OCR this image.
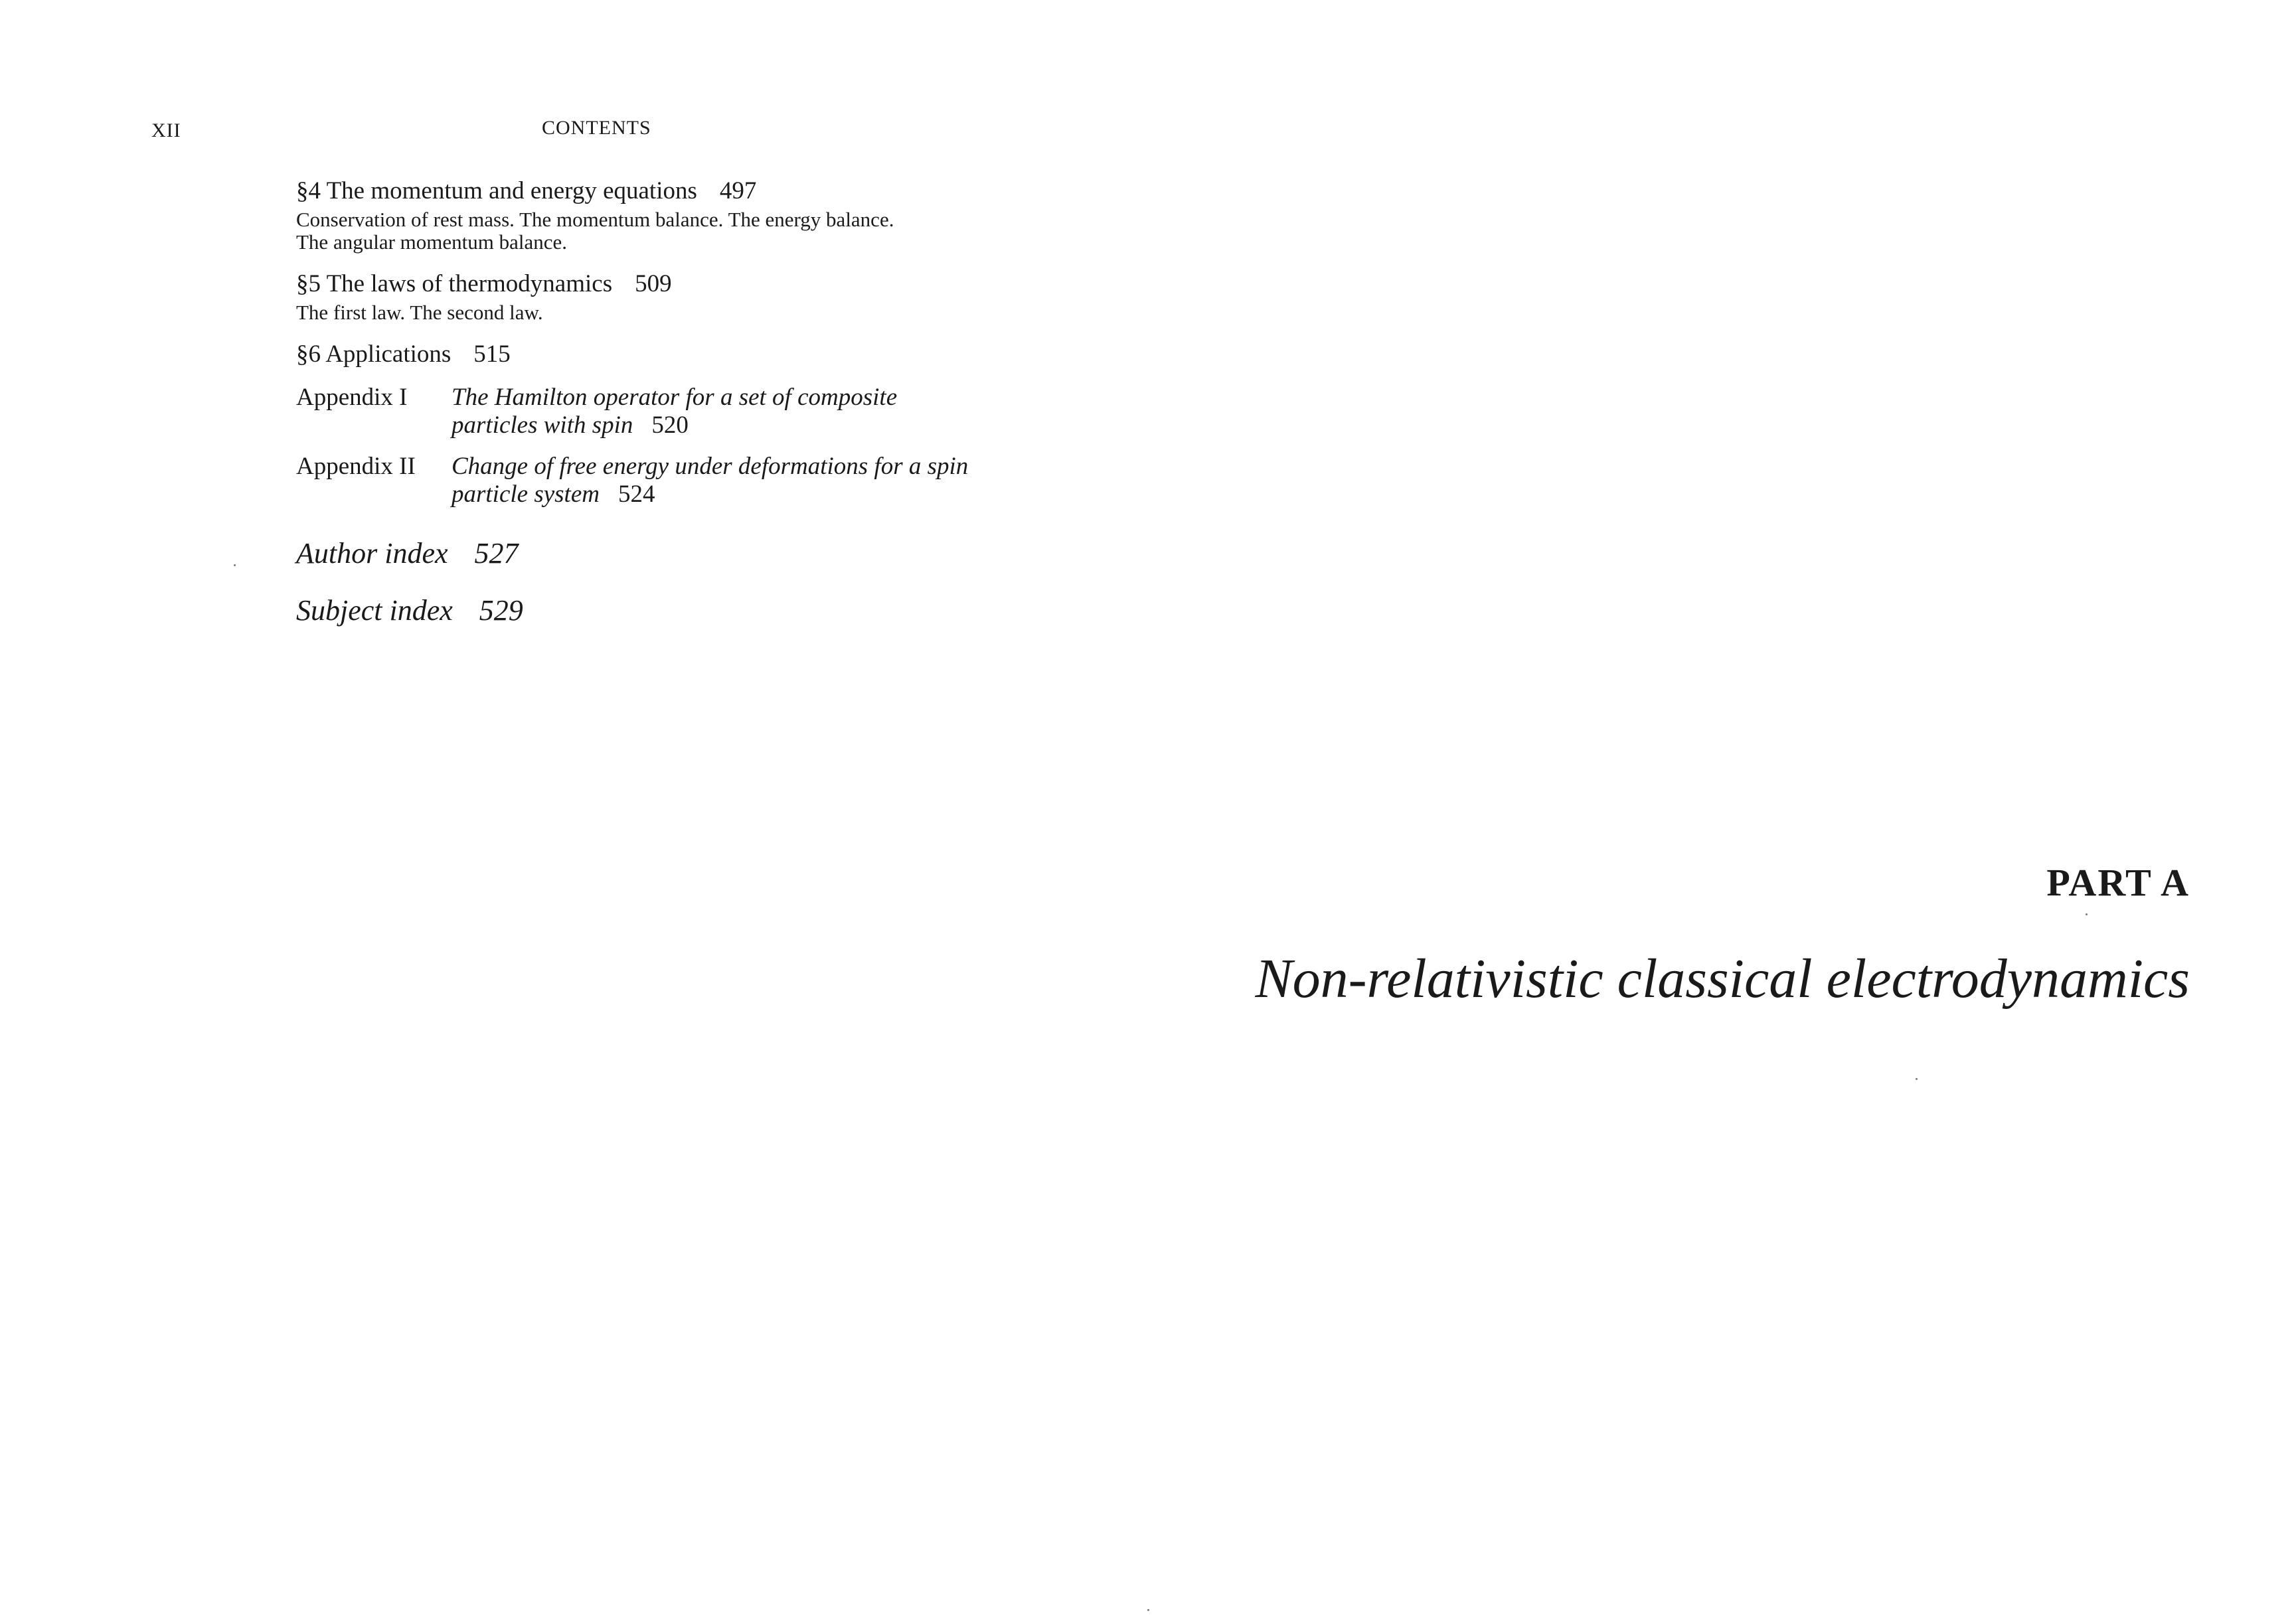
XII	CONTENTS
§4 The momentum and energy equations 497
Conservation of rest mass. The momentum balance. The energy balance.
The angular momentum balance.
§5 The laws of thermodynamics 509
The first law. The second law.
§6 Applications 515
Appendix I	The Hamilton operator for a set of composite
particles with spin 520
Appendix II	Change of free energy under deformations for a spin
particle system 524
Author index 527
Subject index 529
PART A
Non-relativistic classical electrodynamics
